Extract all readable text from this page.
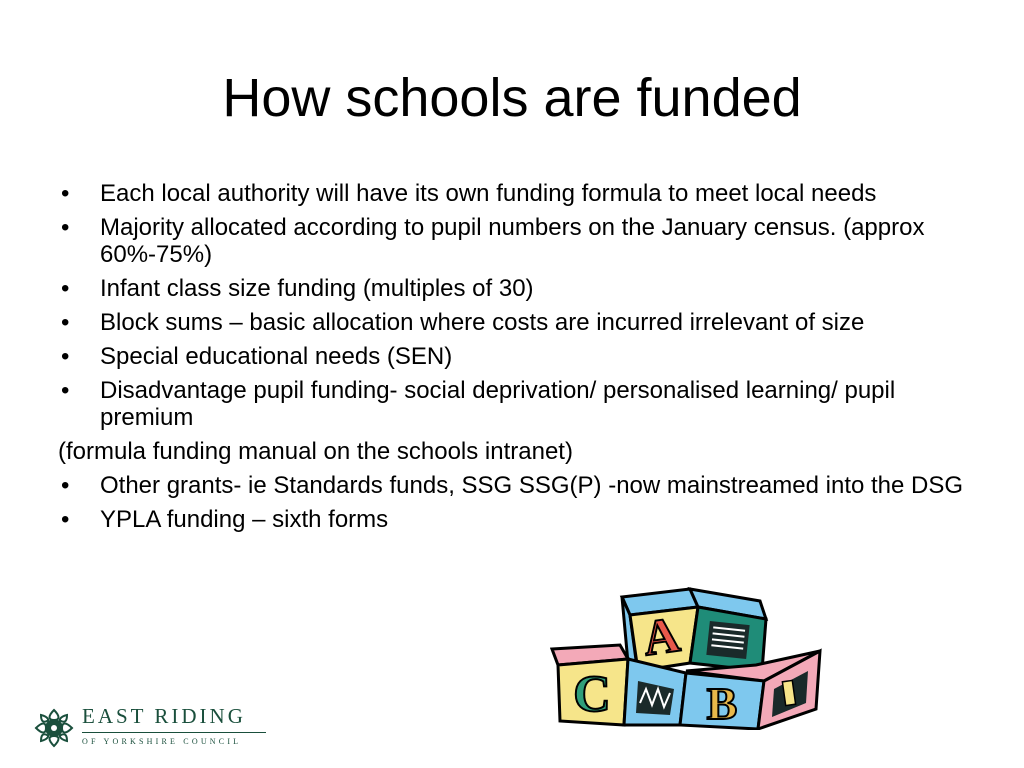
How schools are funded
• Each local authority will have its own funding formula to meet local needs
• Majority allocated according to pupil numbers on the January census. (approx 60%-75%)
• Infant class size funding (multiples of 30)
• Block sums – basic allocation where costs are incurred irrelevant of size
• Special educational needs (SEN)
• Disadvantage pupil funding- social deprivation/ personalised learning/ pupil premium
(formula funding manual on the schools intranet)
• Other grants- ie Standards funds, SSG SSG(P) -now mainstreamed into the DSG
• YPLA funding – sixth forms
A
C B
EAST RIDING
OF YORKSHIRE COUNCIL
